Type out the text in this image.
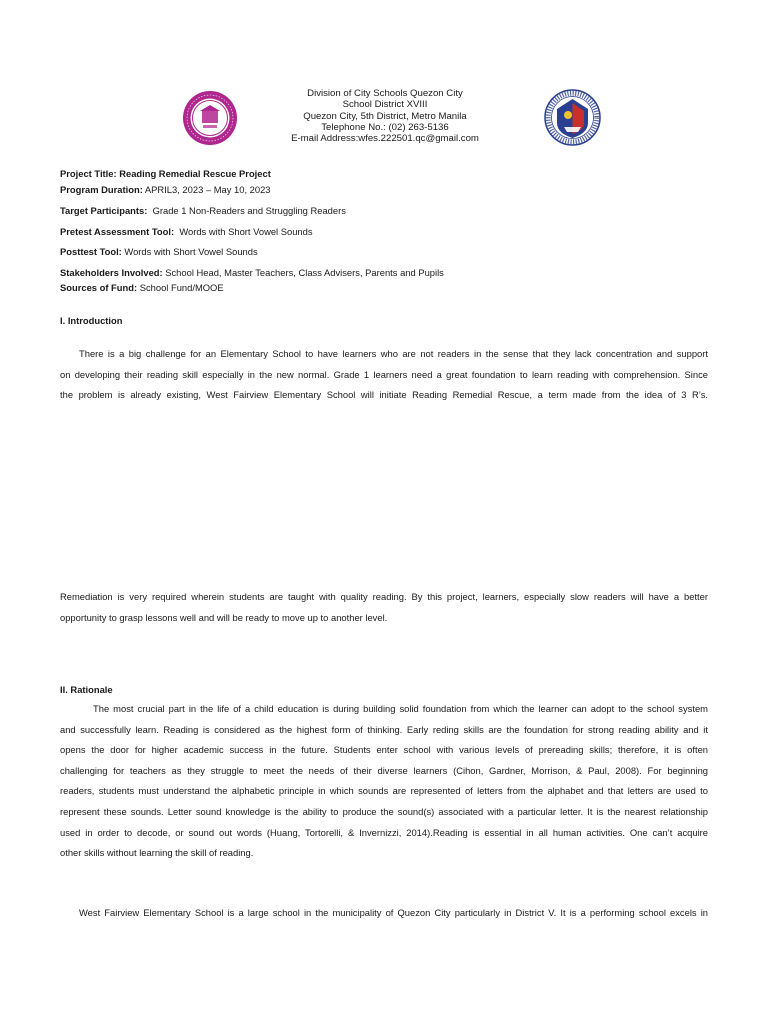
Division of City Schools Quezon City
School District XVIII
Quezon City, 5th District, Metro Manila
Telephone No.: (02) 263-5136
E-mail Address:wfes.222501.qc@gmail.com
Project Title: Reading Remedial Rescue Project
Program Duration: APRIL3, 2023 – May 10, 2023
Target Participants:  Grade 1 Non-Readers and Struggling Readers
Pretest Assessment Tool:  Words with Short Vowel Sounds
Posttest Tool: Words with Short Vowel Sounds
Stakeholders Involved: School Head, Master Teachers, Class Advisers, Parents and Pupils
Sources of Fund: School Fund/MOOE
I. Introduction
There is a big challenge for an Elementary School to have learners who are not readers in the sense that they lack concentration and support
on developing their reading skill especially in the new normal. Grade 1 learners need a great foundation to learn reading with comprehension. Since
the problem is already existing, West Fairview Elementary School will initiate Reading Remedial Rescue, a term made from the idea of 3 R’s.
Remediation is very required wherein students are taught with quality reading. By this project, learners, especially slow readers will have a better
opportunity to grasp lessons well and will be ready to move up to another level.
II. Rationale
The most crucial part in the life of a child education is during building solid foundation from which the learner can adopt to the school system
and successfully learn. Reading is considered as the highest form of thinking. Early reding skills are the foundation for strong reading ability and it
opens the door for higher academic success in the future. Students enter school with various levels of prereading skills; therefore, it is often
challenging for teachers as they struggle to meet the needs of their diverse learners (Cihon, Gardner, Morrison, & Paul, 2008). For beginning
readers, students must understand the alphabetic principle in which sounds are represented of letters from the alphabet and that letters are used to
represent these sounds. Letter sound knowledge is the ability to produce the sound(s) associated with a particular letter. It is the nearest relationship
used in order to decode, or sound out words (Huang, Tortorelli, & Invernizzi, 2014).Reading is essential in all human activities. One can’t acquire
other skills without learning the skill of reading.
West Fairview Elementary School is a large school in the municipality of Quezon City particularly in District V. It is a performing school excels in
